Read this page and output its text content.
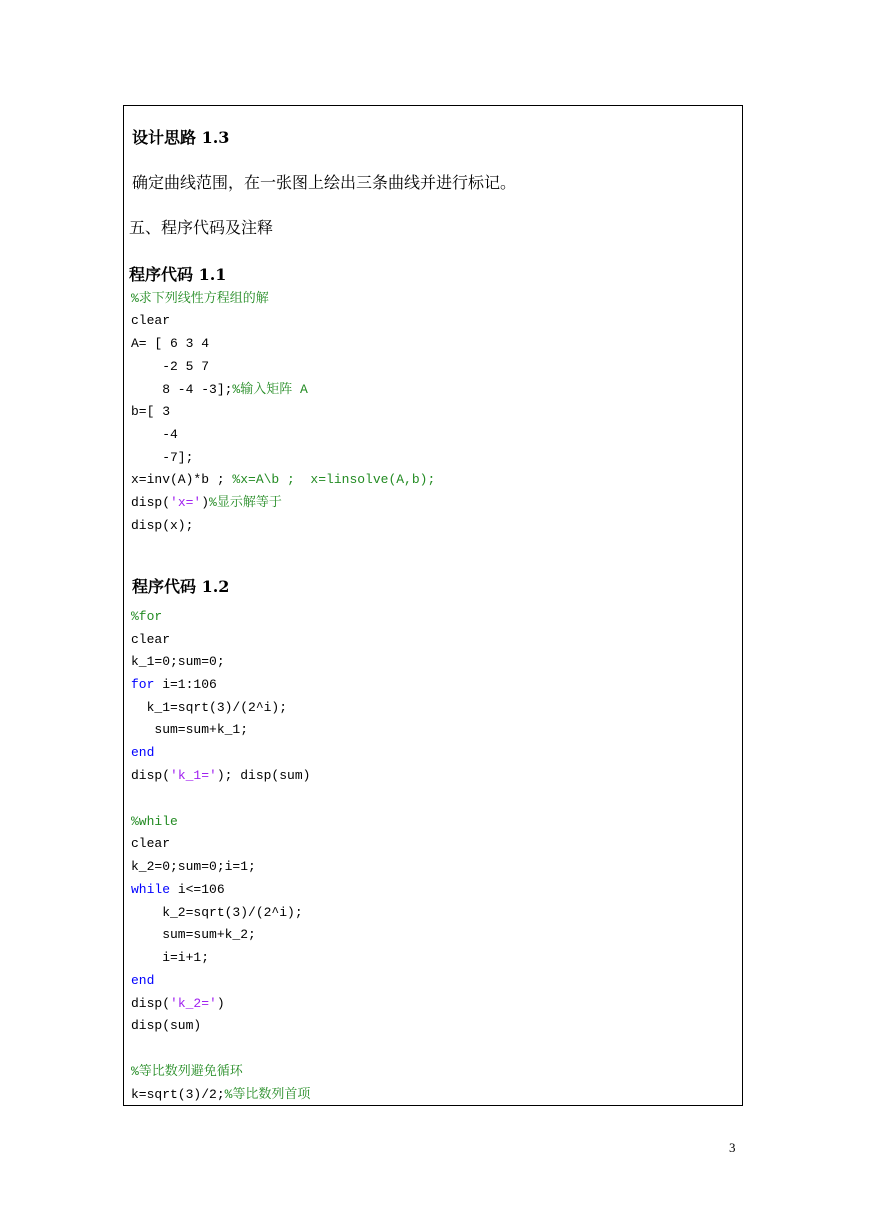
设计思路 1.3
确定曲线范围，在一张图上绘出三条曲线并进行标记。
五、程序代码及注释
程序代码 1.1
%求下列线性方程组的解
clear
A= [ 6 3 4
-2 5 7
8 -4 -3];%输入矩阵 A
b=[ 3
-4
-7];
x=inv(A)*b ; %x=A\b ;  x=linsolve(A,b);
disp('x=')%显示解等于
disp(x);
程序代码 1.2
%for
clear
k_1=0;sum=0;
for i=1:106
k_1=sqrt(3)/(2^i);
sum=sum+k_1;
end
disp('k_1='); disp(sum)
%while
clear
k_2=0;sum=0;i=1;
while i<=106
k_2=sqrt(3)/(2^i);
sum=sum+k_2;
i=i+1;
end
disp('k_2=')
disp(sum)
%等比数列避免循环
k=sqrt(3)/2;%等比数列首项
3
